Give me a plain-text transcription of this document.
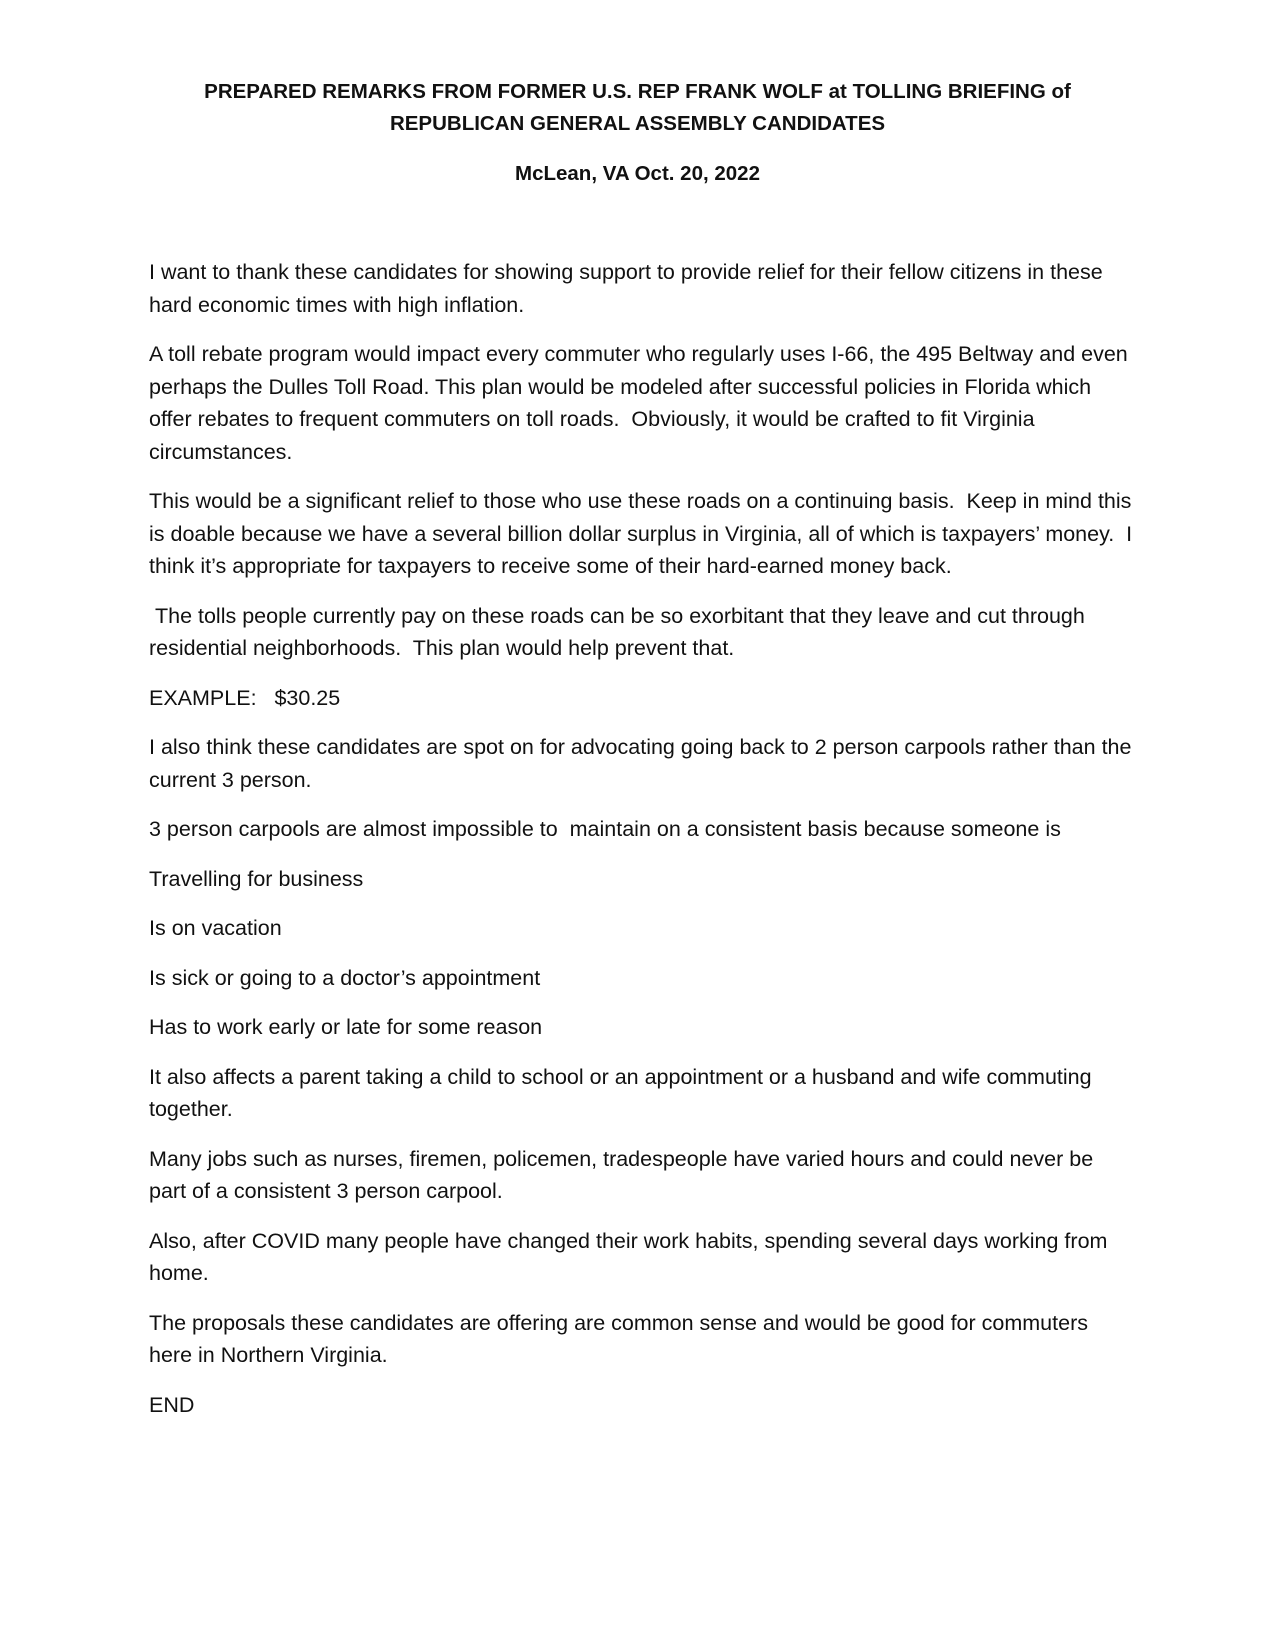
PREPARED REMARKS FROM FORMER U.S. REP FRANK WOLF at TOLLING BRIEFING of REPUBLICAN GENERAL ASSEMBLY CANDIDATES
McLean, VA Oct. 20, 2022

I want to thank these candidates for showing support to provide relief for their fellow citizens in these hard economic times with high inflation.

A toll rebate program would impact every commuter who regularly uses I-66, the 495 Beltway and even perhaps the Dulles Toll Road. This plan would be modeled after successful policies in Florida which offer rebates to frequent commuters on toll roads.  Obviously, it would be crafted to fit Virginia circumstances.

This would be a significant relief to those who use these roads on a continuing basis.  Keep in mind this is doable because we have a several billion dollar surplus in Virginia, all of which is taxpayers’ money.  I think it’s appropriate for taxpayers to receive some of their hard-earned money back.

The tolls people currently pay on these roads can be so exorbitant that they leave and cut through residential neighborhoods.  This plan would help prevent that.

EXAMPLE:   $30.25

I also think these candidates are spot on for advocating going back to 2 person carpools rather than the current 3 person.

3 person carpools are almost impossible to  maintain on a consistent basis because someone is

Travelling for business

Is on vacation

Is sick or going to a doctor’s appointment

Has to work early or late for some reason

It also affects a parent taking a child to school or an appointment or a husband and wife commuting together.

Many jobs such as nurses, firemen, policemen, tradespeople have varied hours and could never be part of a consistent 3 person carpool.

Also, after COVID many people have changed their work habits, spending several days working from home.

The proposals these candidates are offering are common sense and would be good for commuters here in Northern Virginia.

END
